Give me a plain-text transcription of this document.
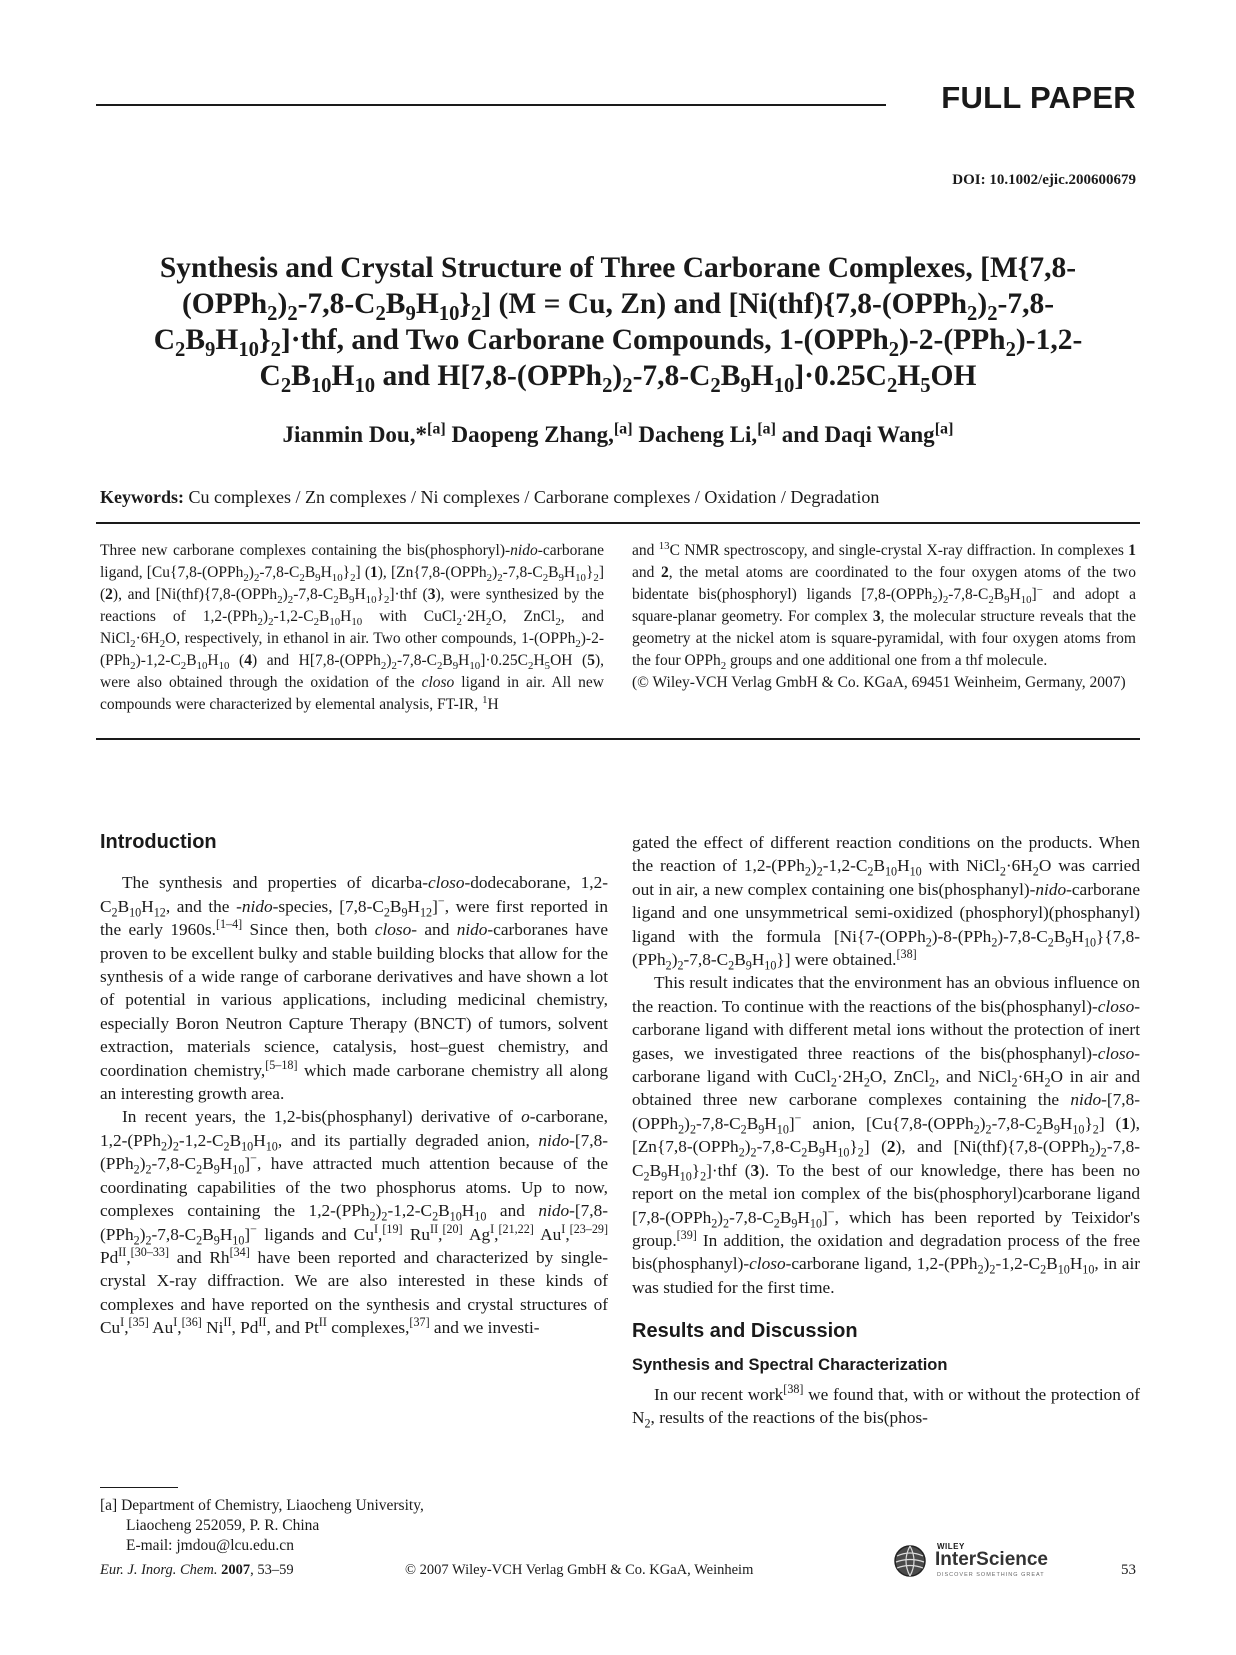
FULL PAPER
DOI: 10.1002/ejic.200600679
Synthesis and Crystal Structure of Three Carborane Complexes, [M{7,8-
$(OPPh_2)_2-7,8-C_2B_9H_{10}\}_2$] (M = Cu, Zn) and [$Ni(thf)\{7,8-(OPPh_2)_2-7,8-$
$C_2B_9H_{10}\}_2]\cdot thf$, and Two Carborane Compounds, 1-(OPPh$_2$)-2-(PPh$_2$)-1,2-
$C_2B_{10}H_{10}$ and $H[7,8-(OPPh_2)_2-7,8-C_2B_9H_{10}]\cdot 0.25C_2H_5OH$
Jianmin Dou,*[a] Daopeng Zhang,[a] Dacheng Li,[a] and Daqi Wang[a]
Keywords: Cu complexes / Zn complexes / Ni complexes / Carborane complexes / Oxidation / Degradation
Three new carborane complexes containing the bis(phosphoryl)-nido-carborane ligand, $[Cu\{7,8-(OPPh_2)_2-7,8-C_2B_9H_{10}\}_2]$ (1), $[Zn\{7,8-(OPPh_2)_2-7,8-C_2B_9H_{10}\}_2]$ (2), and $[Ni(thf)\{7,8-(OPPh_2)_2-7,8-C_2B_9H_{10}\}_2]\cdot thf$ (3), were synthesized by the reactions of $1,2-(PPh_2)_2-1,2-C_2B_{10}H_{10}$ with $CuCl_2\cdot 2H_2O$, ZnCl$_2$, and $NiCl_2\cdot 6H_2O$, respectively, in ethanol in air. Two other compounds, $1-(OPPh_2)-2-(PPh_2)-1,2-C_2B_{10}H_{10}$ (4) and $H[7,8-(OPPh_2)_2-7,8-C_2B_9H_{10}]\cdot 0.25C_2H_5OH$ (5), were also obtained through the oxidation of the closo ligand in air. All new compounds were characterized by elemental analysis, FT-IR, $^1$H
and $^{13}$C NMR spectroscopy, and single-crystal X-ray diffraction. In complexes 1 and 2, the metal atoms are coordinated to the four oxygen atoms of the two bidentate bis(phosphoryl) ligands $[7,8-(OPPh_2)_2-7,8-C_2B_9H_{10}]^-$ and adopt a square-planar geometry. For complex 3, the molecular structure reveals that the geometry at the nickel atom is square-pyramidal, with four oxygen atoms from the four OPPh$_2$ groups and one additional one from a thf molecule.
(© Wiley-VCH Verlag GmbH & Co. KGaA, 69451 Weinheim, Germany, 2007)
Introduction

The synthesis and properties of dicarba-closo-dodecaborane, $1,2-C_2B_{10}H_{12}$, and the -nido-species, $[7,8-C_2B_9H_{12}]^-$, were first reported in the early 1960s.[1–4] Since then, both closo- and nido-carboranes have proven to be excellent bulky and stable building blocks that allow for the synthesis of a wide range of carborane derivatives and have shown a lot of potential in various applications, including medicinal chemistry, especially Boron Neutron Capture Therapy (BNCT) of tumors, solvent extraction, materials science, catalysis, host–guest chemistry, and coordination chemistry,[5–18] which made carborane chemistry all along an interesting growth area.

In recent years, the 1,2-bis(phosphanyl) derivative of o-carborane, $1,2-(PPh_2)_2-1,2-C_2B_{10}H_{10}$, and its partially degraded anion, nido-$[7,8-(PPh_2)_2-7,8-C_2B_9H_{10}]^-$, have attracted much attention because of the coordinating capabilities of the two phosphorus atoms. Up to now, complexes containing the $1,2-(PPh_2)_2-1,2-C_2B_{10}H_{10}$ and nido-$[7,8-(PPh_2)_2-7,8-C_2B_9H_{10}]^-$ ligands and $Cu^I,[19]$ $Ru^{II},[20]$ $Ag^I,[21,22]$ $Au^I,[23-29]$ $Pd^{II},[30-33]$ and Rh[34] have been reported and characterized by single-crystal X-ray diffraction. We are also interested in these kinds of complexes and have reported on the synthesis and crystal structures of $Cu^I,[35]$ $Au^I,[36]$ $Ni^{II}$, $Pd^{II}$, and $Pt^{II}$ complexes,[37] and we investi-

gated the effect of different reaction conditions on the products. When the reaction of $1,2-(PPh_2)_2-1,2-C_2B_{10}H_{10}$ with $NiCl_2\cdot 6H_2O$ was carried out in air, a new complex containing one bis(phosphanyl)-nido-carborane ligand and one unsymmetrical semi-oxidized (phosphoryl)(phosphanyl) ligand with the formula $[Ni\{7-(OPPh_2)-8-(PPh_2)-7,8-C_2B_9H_{10}\}\{7,8-(PPh_2)_2-7,8-C_2B_9H_{10}\}]$ were obtained.[38]

This result indicates that the environment has an obvious influence on the reaction. To continue with the reactions of the bis(phosphanyl)-closo-carborane ligand with different metal ions without the protection of inert gases, we investigated three reactions of the bis(phosphanyl)-closo-carborane ligand with $CuCl_2\cdot 2H_2O$, ZnCl$_2$, and $NiCl_2\cdot 6H_2O$ in air and obtained three new carborane complexes containing the nido-$[7,8-(OPPh_2)_2-7,8-C_2B_9H_{10}]^-$ anion, $[Cu\{7,8-(OPPh_2)_2-7,8-C_2B_9H_{10}\}_2]$ (1), $[Zn\{7,8-(OPPh_2)_2-7,8-C_2B_9H_{10}\}_2]$ (2), and $[Ni(thf)\{7,8-(OPPh_2)_2-7,8-C_2B_9H_{10}\}_2]\cdot thf$ (3). To the best of our knowledge, there has been no report on the metal ion complex of the bis(phosphoryl)carborane ligand $[7,8-(OPPh_2)_2-7,8-C_2B_9H_{10}]^-$, which has been reported by Teixidor's group.[39] In addition, the oxidation and degradation process of the free bis(phosphanyl)-closo-carborane ligand, $1,2-(PPh_2)_2-1,2-C_2B_{10}H_{10}$, in air was studied for the first time.

Results and Discussion
Synthesis and Spectral Characterization

In our recent work[38] we found that, with or without the protection of $N_2$, results of the reactions of the bis(phos-

[a] Department of Chemistry, Liaocheng University,
Liaocheng 252059, P. R. China
E-mail: jmdou@lcu.edu.cn
Eur. J. Inorg. Chem. 2007, 53–59	© 2007 Wiley-VCH Verlag GmbH & Co. KGaA, Weinheim
WILEY
InterScience
DISCOVER SOMETHING GREAT	53
